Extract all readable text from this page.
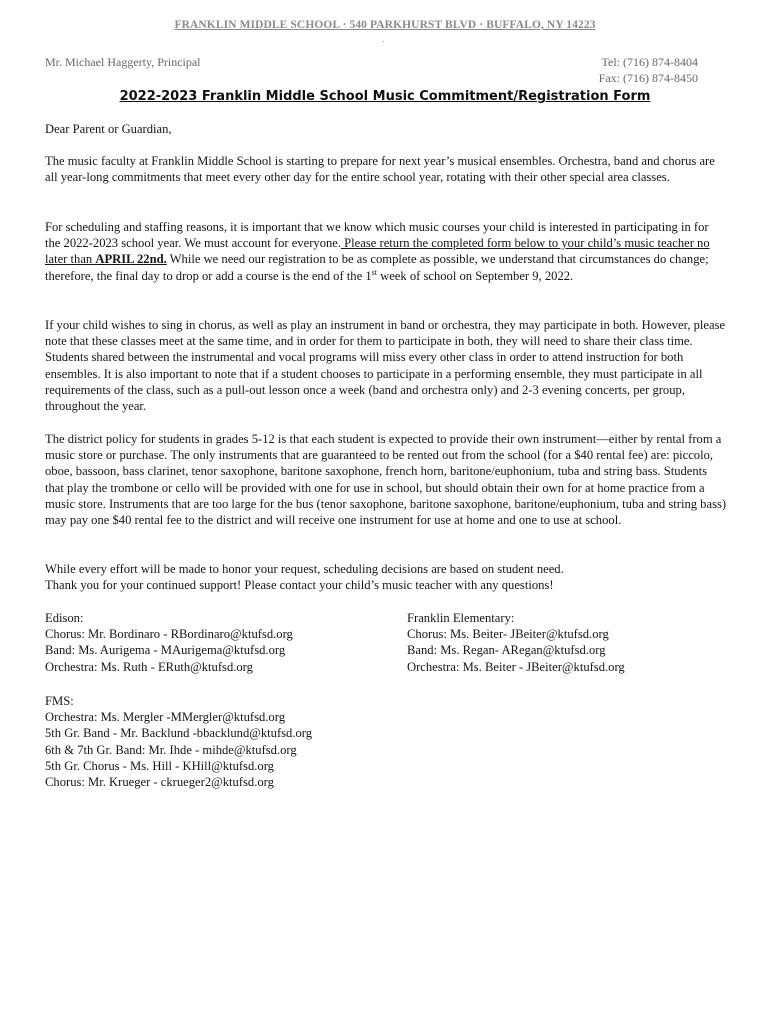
FRANKLIN MIDDLE SCHOOL · 540 PARKHURST BLVD · BUFFALO, NY 14223
.
Mr. Michael Haggerty, Principal	Tel: (716) 874-8404
Fax: (716) 874-8450
2022-2023 Franklin Middle School Music Commitment/Registration Form

Dear Parent or Guardian,

The music faculty at Franklin Middle School is starting to prepare for next year’s musical ensembles. Orchestra, band and chorus are all year-long commitments that meet every other day for the entire school year, rotating with their other special area classes.

For scheduling and staffing reasons, it is important that we know which music courses your child is interested in participating in for the 2022-2023 school year. We must account for everyone. Please return the completed form below to your child’s music teacher no later than APRIL 22nd. While we need our registration to be as complete as possible, we understand that circumstances do change; therefore, the final day to drop or add a course is the end of the 1st week of school on September 9, 2022.

If your child wishes to sing in chorus, as well as play an instrument in band or orchestra, they may participate in both. However, please note that these classes meet at the same time, and in order for them to participate in both, they will need to share their class time. Students shared between the instrumental and vocal programs will miss every other class in order to attend instruction for both ensembles. It is also important to note that if a student chooses to participate in a performing ensemble, they must participate in all requirements of the class, such as a pull-out lesson once a week (band and orchestra only) and 2-3 evening concerts, per group, throughout the year.

The district policy for students in grades 5-12 is that each student is expected to provide their own instrument—either by rental from a music store or purchase. The only instruments that are guaranteed to be rented out from the school (for a $40 rental fee) are: piccolo, oboe, bassoon, bass clarinet, tenor saxophone, baritone saxophone, french horn, baritone/euphonium, tuba and string bass. Students that play the trombone or cello will be provided with one for use in school, but should obtain their own for at home practice from a music store. Instruments that are too large for the bus (tenor saxophone, baritone saxophone, baritone/euphonium, tuba and string bass) may pay one $40 rental fee to the district and will receive one instrument for use at home and one to use at school.

While every effort will be made to honor your request, scheduling decisions are based on student need.

Thank you for your continued support! Please contact your child’s music teacher with any questions!

Edison:
Chorus: Mr. Bordinaro - RBordinaro@ktufsd.org
Band: Ms. Aurigema - MAurigema@ktufsd.org
Orchestra: Ms. Ruth - ERuth@ktufsd.org
Franklin Elementary:
Chorus: Ms. Beiter- JBeiter@ktufsd.org
Band: Ms. Regan- ARegan@ktufsd.org
Orchestra: Ms. Beiter - JBeiter@ktufsd.org
FMS:
Orchestra: Ms. Mergler -MMergler@ktufsd.org
5th Gr. Band - Mr. Backlund -bbacklund@ktufsd.org
6th & 7th Gr. Band: Mr. Ihde - mihde@ktufsd.org
5th Gr. Chorus - Ms. Hill - KHill@ktufsd.org
Chorus: Mr. Krueger - ckrueger2@ktufsd.org
